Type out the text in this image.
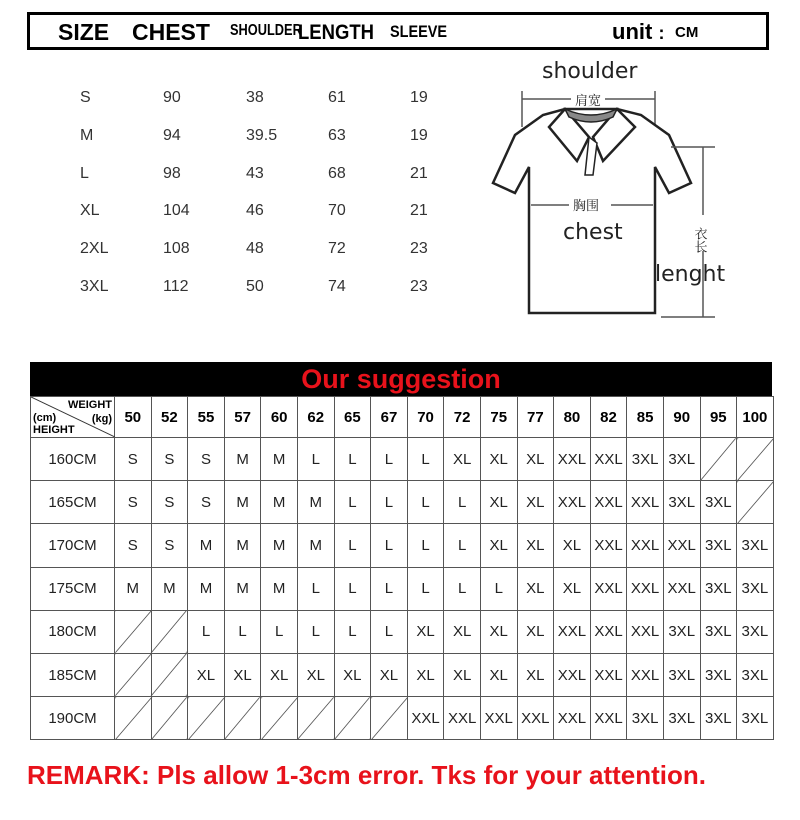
SIZE CHEST SHOULDER
LENGTH SLEEVE	unit : CM
S	90	38	61	19
M	94	39.5	63	19
L	98	43	68	21
XL	104	46	70	21
2XL	108	48	72	23
3XL	112	50	74	23
shoulder
肩宽
胸围
chest	衣长
lenght
Our suggestion
WEIGHT
(kg)
(cm)
HEIGHT	50	52	55	57	60	62	65	67	70	72	75	77	80	82	85	90	95	100
160CM	S	S	S	M	M	L	L	L	L	XL	XL	XL	XXL	XXL	3XL	3XL		
165CM	S	S	S	M	M	M	L	L	L	L	XL	XL	XXL	XXL	XXL	3XL	3XL	
170CM	S	S	M	M	M	M	L	L	L	L	XL	XL	XL	XXL	XXL	XXL	3XL	3XL
175CM	M	M	M	M	M	L	L	L	L	L	L	XL	XL	XXL	XXL	XXL	3XL	3XL
180CM			L	L	L	L	L	L	XL	XL	XL	XL	XXL	XXL	XXL	3XL	3XL	3XL
185CM			XL	XL	XL	XL	XL	XL	XL	XL	XL	XL	XXL	XXL	XXL	3XL	3XL	3XL
190CM									XXL	XXL	XXL	XXL	XXL	XXL	3XL	3XL	3XL	3XL
REMARK: Pls allow 1-3cm error. Tks for your attention.
